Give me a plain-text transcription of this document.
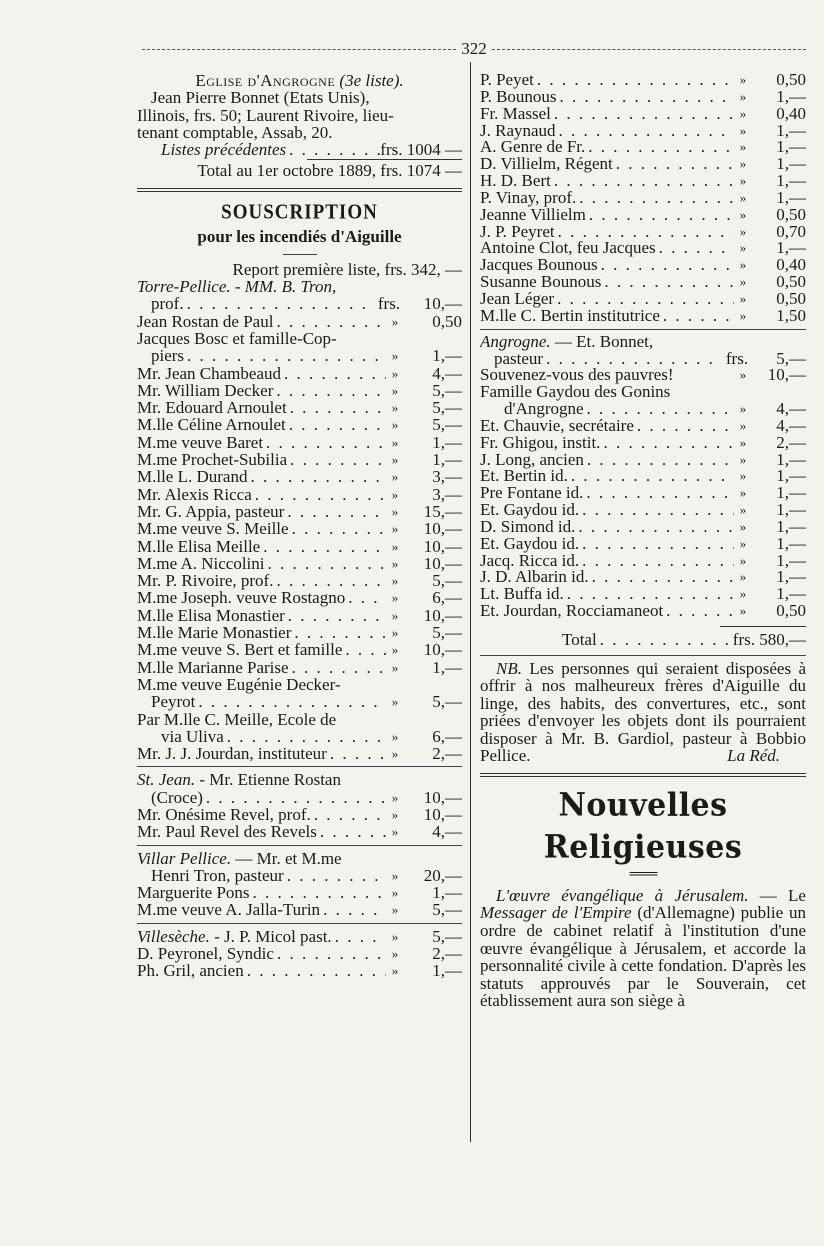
322
Eglise d'Angrogne (3e liste).
Jean Pierre Bonnet (Etats Unis),
Illinois, frs. 50; Laurent Rivoire, lieu-
tenant comptable, Assab, 20.
Listes précédentes . . .	frs. 1004 —
Total au 1er octobre 1889, frs. 1074 —
SOUSCRIPTION
pour les incendiés d'Aiguille
Report première liste, frs. 342, —
Torre-Pellice. - MM. B. Tron,
prof. . . .	frs.	10,—
Jean Rostan de Paul . . .	»	0,50
Jacques Bosc et famille-Cop-
piers . . .	»	1,—
Mr. Jean Chambeaud . . .	»	4,—
Mr. William Decker . . .	»	5,—
Mr. Edouard Arnoulet . . .	»	5,—
M.lle Céline Arnoulet . . .	»	5,—
M.me veuve Baret . . .	»	1,—
M.me Prochet-Subilia . . .	»	1,—
M.lle L. Durand . . .	»	3,—
Mr. Alexis Ricca . . .	»	3,—
Mr. G. Appia, pasteur . . .	»	15,—
M.me veuve S. Meille . . .	»	10,—
M.lle Elisa Meille . . .	»	10,—
M.me A. Niccolini . . .	»	10,—
Mr. P. Rivoire, prof. . . .	»	5,—
M.me Joseph. veuve Rostagno . . .	»	6,—
M.lle Elisa Monastier . . .	»	10,—
M.lle Marie Monastier . . .	»	5,—
M.me veuve S. Bert et famille . . .	»	10,—
M.lle Marianne Parise . . .	»	1,—
M.me veuve Eugénie Decker-
Peyrot . . .	»	5,—
Par M.lle C. Meille, Ecole de
via Uliva . . .	»	6,—
Mr. J. J. Jourdan, instituteur . . .	»	2,—
St. Jean. - Mr. Etienne Rostan
(Croce) . . .	»	10,—
Mr. Onésime Revel, prof. . . .	»	10,—
Mr. Paul Revel des Revels . . .	»	4,—
Villar Pellice. — Mr. et M.me
Henri Tron, pasteur . . .	»	20,—
Marguerite Pons . . .	»	1,—
M.me veuve A. Jalla-Turin . . .	»	5,—
Villesèche. - J. P. Micol past. . . .	»	5,—
D. Peyronel, Syndic . . .	»	2,—
Ph. Gril, ancien . . .	»	1,—
P. Peyet . . .	»	0,50
P. Bounous . . .	»	1,—
Fr. Massel . . .	»	0,40
J. Raynaud . . .	»	1,—
A. Genre de Fr. . . .	»	1,—
D. Villielm, Régent . . .	»	1,—
H. D. Bert . . .	»	1,—
P. Vinay, prof. . . .	»	1,—
Jeanne Villielm . . .	»	0,50
J. P. Peyret . . .	»	0,70
Antoine Clot, feu Jacques . . .	»	1,—
Jacques Bounous . . .	»	0,40
Susanne Bounous . . .	»	0,50
Jean Léger . . .	»	0,50
M.lle C. Bertin institutrice . . .	»	1,50
Angrogne. — Et. Bonnet,
pasteur . . .	frs.	5,—
Souvenez-vous des pauvres!	»	10,—
Famille Gaydou des Gonins
d'Angrogne . . .	»	4,—
Et. Chauvie, secrétaire . . .	»	4,—
Fr. Ghigou, instit. . . .	»	2,—
J. Long, ancien . . .	»	1,—
Et. Bertin id. . . .	»	1,—
Pre Fontane id. . . .	»	1,—
Et. Gaydou id. . . .	»	1,—
D. Simond id. . . .	»	1,—
Et. Gaydou id. . . .	»	1,—
Jacq. Ricca id. . . .	»	1,—
J. D. Albarin id. . . .	»	1,—
Lt. Buffa id. . . .	»	1,—
Et. Jourdan, Rocciamaneot . . .	»	0,50
Total . . .	frs. 580,—

NB. Les personnes qui seraient disposées à offrir à nos malheureux frères d'Aiguille du linge, des habits, des convertures, etc., sont priées d'envoyer les objets dont ils pourraient disposer à Mr. B. Gardiol, pasteur à Bobbio Pellice.	La Réd.
Nouvelles Religieuses
═══

L'œuvre évangélique à Jérusalem. — Le Messager de l'Empire (d'Allemagne) publie un ordre de cabinet relatif à l'institution d'une œuvre évangélique à Jérusalem, et accorde la personnalité civile à cette fondation. D'après les statuts approuvés par le Souverain, cet établissement aura son siège à
